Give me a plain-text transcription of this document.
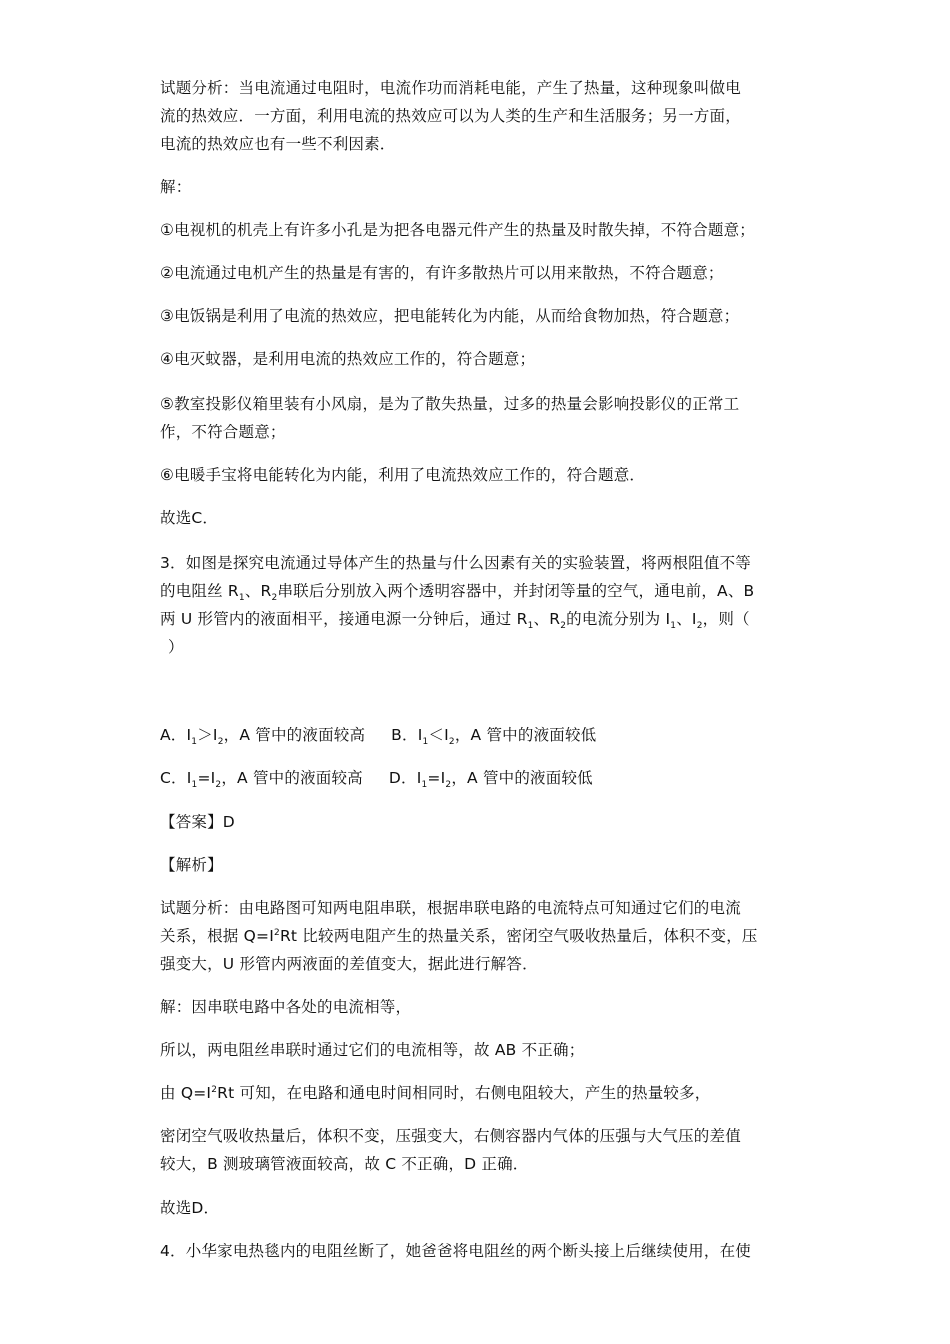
试题分析：当电流通过电阻时，电流作功而消耗电能，产生了热量，这种现象叫做电
流的热效应．一方面，利用电流的热效应可以为人类的生产和生活服务；另一方面，
电流的热效应也有一些不利因素．
解：
①电视机的机壳上有许多小孔是为把各电器元件产生的热量及时散失掉，不符合题意；
②电流通过电机产生的热量是有害的，有许多散热片可以用来散热，不符合题意；
③电饭锅是利用了电流的热效应，把电能转化为内能，从而给食物加热，符合题意；
④电灭蚊器，是利用电流的热效应工作的，符合题意；
⑤教室投影仪箱里装有小风扇，是为了散失热量，过多的热量会影响投影仪的正常工
作，不符合题意；
⑥电暖手宝将电能转化为内能，利用了电流热效应工作的，符合题意．
故选C．
3．如图是探究电流通过导体产生的热量与什么因素有关的实验装置，将两根阻值不等
的电阻丝 $R_1$、$R_2$串联后分别放入两个透明容器中，并封闭等量的空气，通电前，A、B
两 U 形管内的液面相平，接通电源一分钟后，通过 $R_1$、$R_2$的电流分别为 $I_1$、$I_2$，则（
）
A．$I_1>I_2$，A 管中的液面较高 B．$I_1<I_2$，A 管中的液面较低
C．$I_1=I_2$，A 管中的液面较高 D．$I_1=I_2$，A 管中的液面较低
【答案】D
【解析】
试题分析：由电路图可知两电阻串联，根据串联电路的电流特点可知通过它们的电流
关系，根据 $Q=I^2Rt$ 比较两电阻产生的热量关系，密闭空气吸收热量后，体积不变，压
强变大，U 形管内两液面的差值变大，据此进行解答．
解：因串联电路中各处的电流相等，
所以，两电阻丝串联时通过它们的电流相等，故 AB 不正确；
由 $Q=I^2Rt$ 可知，在电路和通电时间相同时，右侧电阻较大，产生的热量较多，
密闭空气吸收热量后，体积不变，压强变大，右侧容器内气体的压强与大气压的差值
较大，B 测玻璃管液面较高，故 C 不正确，D 正确．
故选D．
4．小华家电热毯内的电阻丝断了，她爸爸将电阻丝的两个断头接上后继续使用，在使
